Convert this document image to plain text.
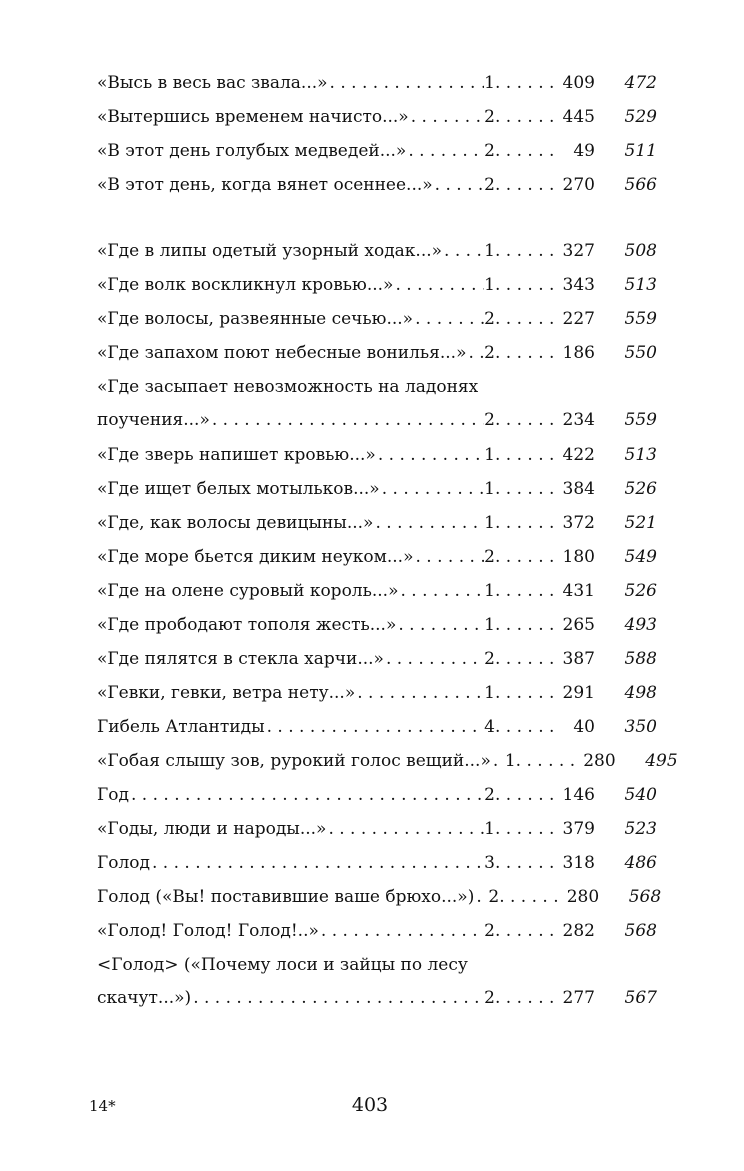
«Высь в весь вас звала...» . . .	1 . . .	409	472
«Вытершись временем начисто...» . . .	2 . . .	445	529
«В этот день голубых медведей...» . . .	2 . . .	49	511
«В этот день, когда вянет осеннее...» . . .	2 . . .	270	566
«Где в липы одетый узорный ходак...» . . . 1 . . .	327	508
«Где волк воскликнул кровью...» . . .	1 . . .	343	513
«Где волосы, развеянные сечью...» . . .	2 . . .	227	559
«Где запахом поют небесные вонилья...» . . . 2 . . .	186	550
«Где засыпает невозможность на ладонях
поучения...» . . .	2 . . .	234	559
«Где зверь напишет кровью...» . . .	1 . . .	422	513
«Где ищет белых мотыльков...» . . .	1 . . .	384	526
«Где, как волосы девицыны...» . . .	1 . . .	372	521
«Где море бьется диким неуком...» . . .	2 . . .	180	549
«Где на олене суровый король...» . . .	1 . . .	431	526
«Где прободают тополя жесть...» . . .	1 . . .	265	493
«Где пялятся в стекла харчи...» . . .	2 . . .	387	588
«Гевки, гевки, ветра нету...» . . .	1 . . .	291	498
Гибель Атлантиды . . .	4 . . .	40	350
«Гобая слышу зов, рурокий голос вещий...» . . . 1 . . .	280	495
Год . . .	2 . . .	146	540
«Годы, люди и народы...» . . .	1 . . .	379	523
Голод . . .	3 . . .	318	486
Голод («Вы! поставившие ваше брюхо...») . . . 2 . . .	280	568
«Голод! Голод! Голод!..» . . .	2 . . .	282	568
<Голод> («Почему лоси и зайцы по лесу
скачут...») . . .	2 . . .	277	567
14*	403
